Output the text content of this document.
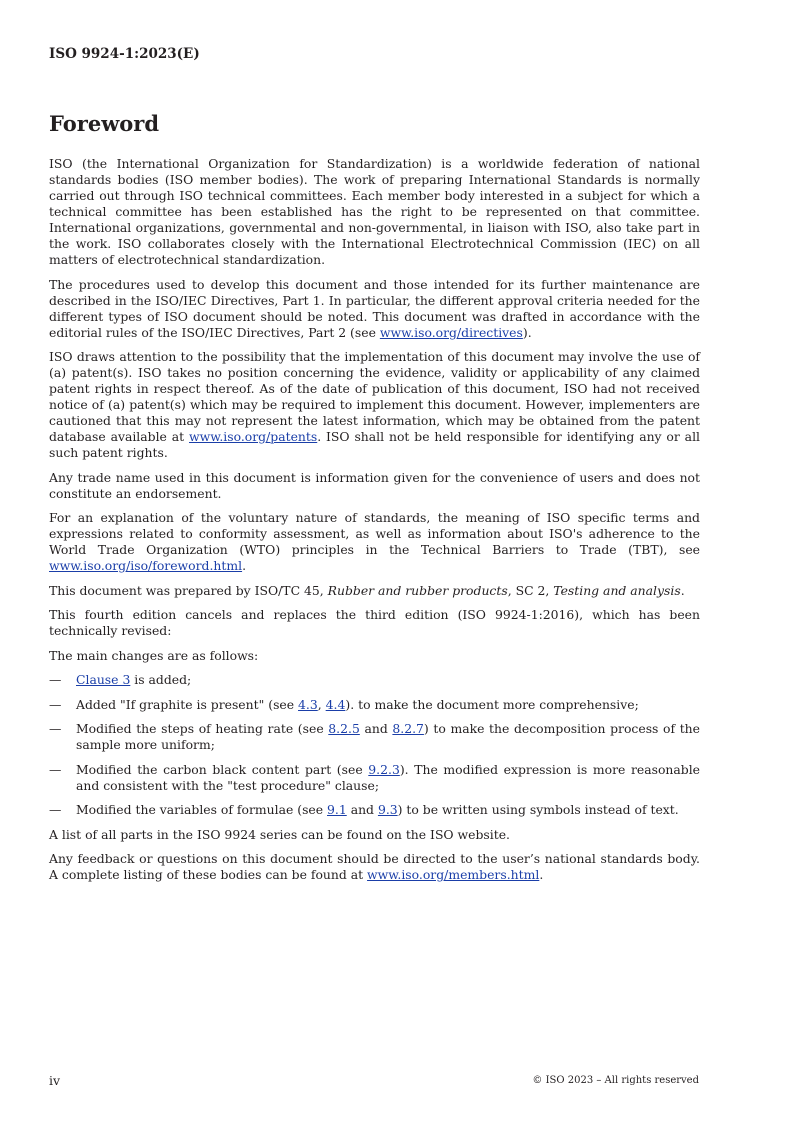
ISO 9924-1:2023(E)
Foreword

ISO (the International Organization for Standardization) is a worldwide federation of national standards bodies (ISO member bodies). The work of preparing International Standards is normally carried out through ISO technical committees. Each member body interested in a subject for which a technical committee has been established has the right to be represented on that committee. International organizations, governmental and non-governmental, in liaison with ISO, also take part in the work. ISO collaborates closely with the International Electrotechnical Commission (IEC) on all matters of electrotechnical standardization.

The procedures used to develop this document and those intended for its further maintenance are described in the ISO/IEC Directives, Part 1. In particular, the different approval criteria needed for the different types of ISO document should be noted. This document was drafted in accordance with the editorial rules of the ISO/IEC Directives, Part 2 (see www.iso.org/directives).

ISO draws attention to the possibility that the implementation of this document may involve the use of (a) patent(s). ISO takes no position concerning the evidence, validity or applicability of any claimed patent rights in respect thereof. As of the date of publication of this document, ISO had not received notice of (a) patent(s) which may be required to implement this document. However, implementers are cautioned that this may not represent the latest information, which may be obtained from the patent database available at www.iso.org/patents. ISO shall not be held responsible for identifying any or all such patent rights.

Any trade name used in this document is information given for the convenience of users and does not constitute an endorsement.

For an explanation of the voluntary nature of standards, the meaning of ISO specific terms and expressions related to conformity assessment, as well as information about ISO's adherence to the World Trade Organization (WTO) principles in the Technical Barriers to Trade (TBT), see www.iso.org/iso/foreword.html.

This document was prepared by ISO/TC 45, Rubber and rubber products, SC 2, Testing and analysis.

This fourth edition cancels and replaces the third edition (ISO 9924-1:2016), which has been technically revised:

The main changes are as follows:

— Clause 3 is added;
— Added "If graphite is present" (see 4.3, 4.4). to make the document more comprehensive;
— Modified the steps of heating rate (see 8.2.5 and 8.2.7) to make the decomposition process of the sample more uniform;
— Modified the carbon black content part (see 9.2.3). The modified expression is more reasonable and consistent with the "test procedure" clause;
— Modified the variables of formulae (see 9.1 and 9.3) to be written using symbols instead of text.

A list of all parts in the ISO 9924 series can be found on the ISO website.

Any feedback or questions on this document should be directed to the user’s national standards body. A complete listing of these bodies can be found at www.iso.org/members.html.

iv	© ISO 2023 – All rights reserved
